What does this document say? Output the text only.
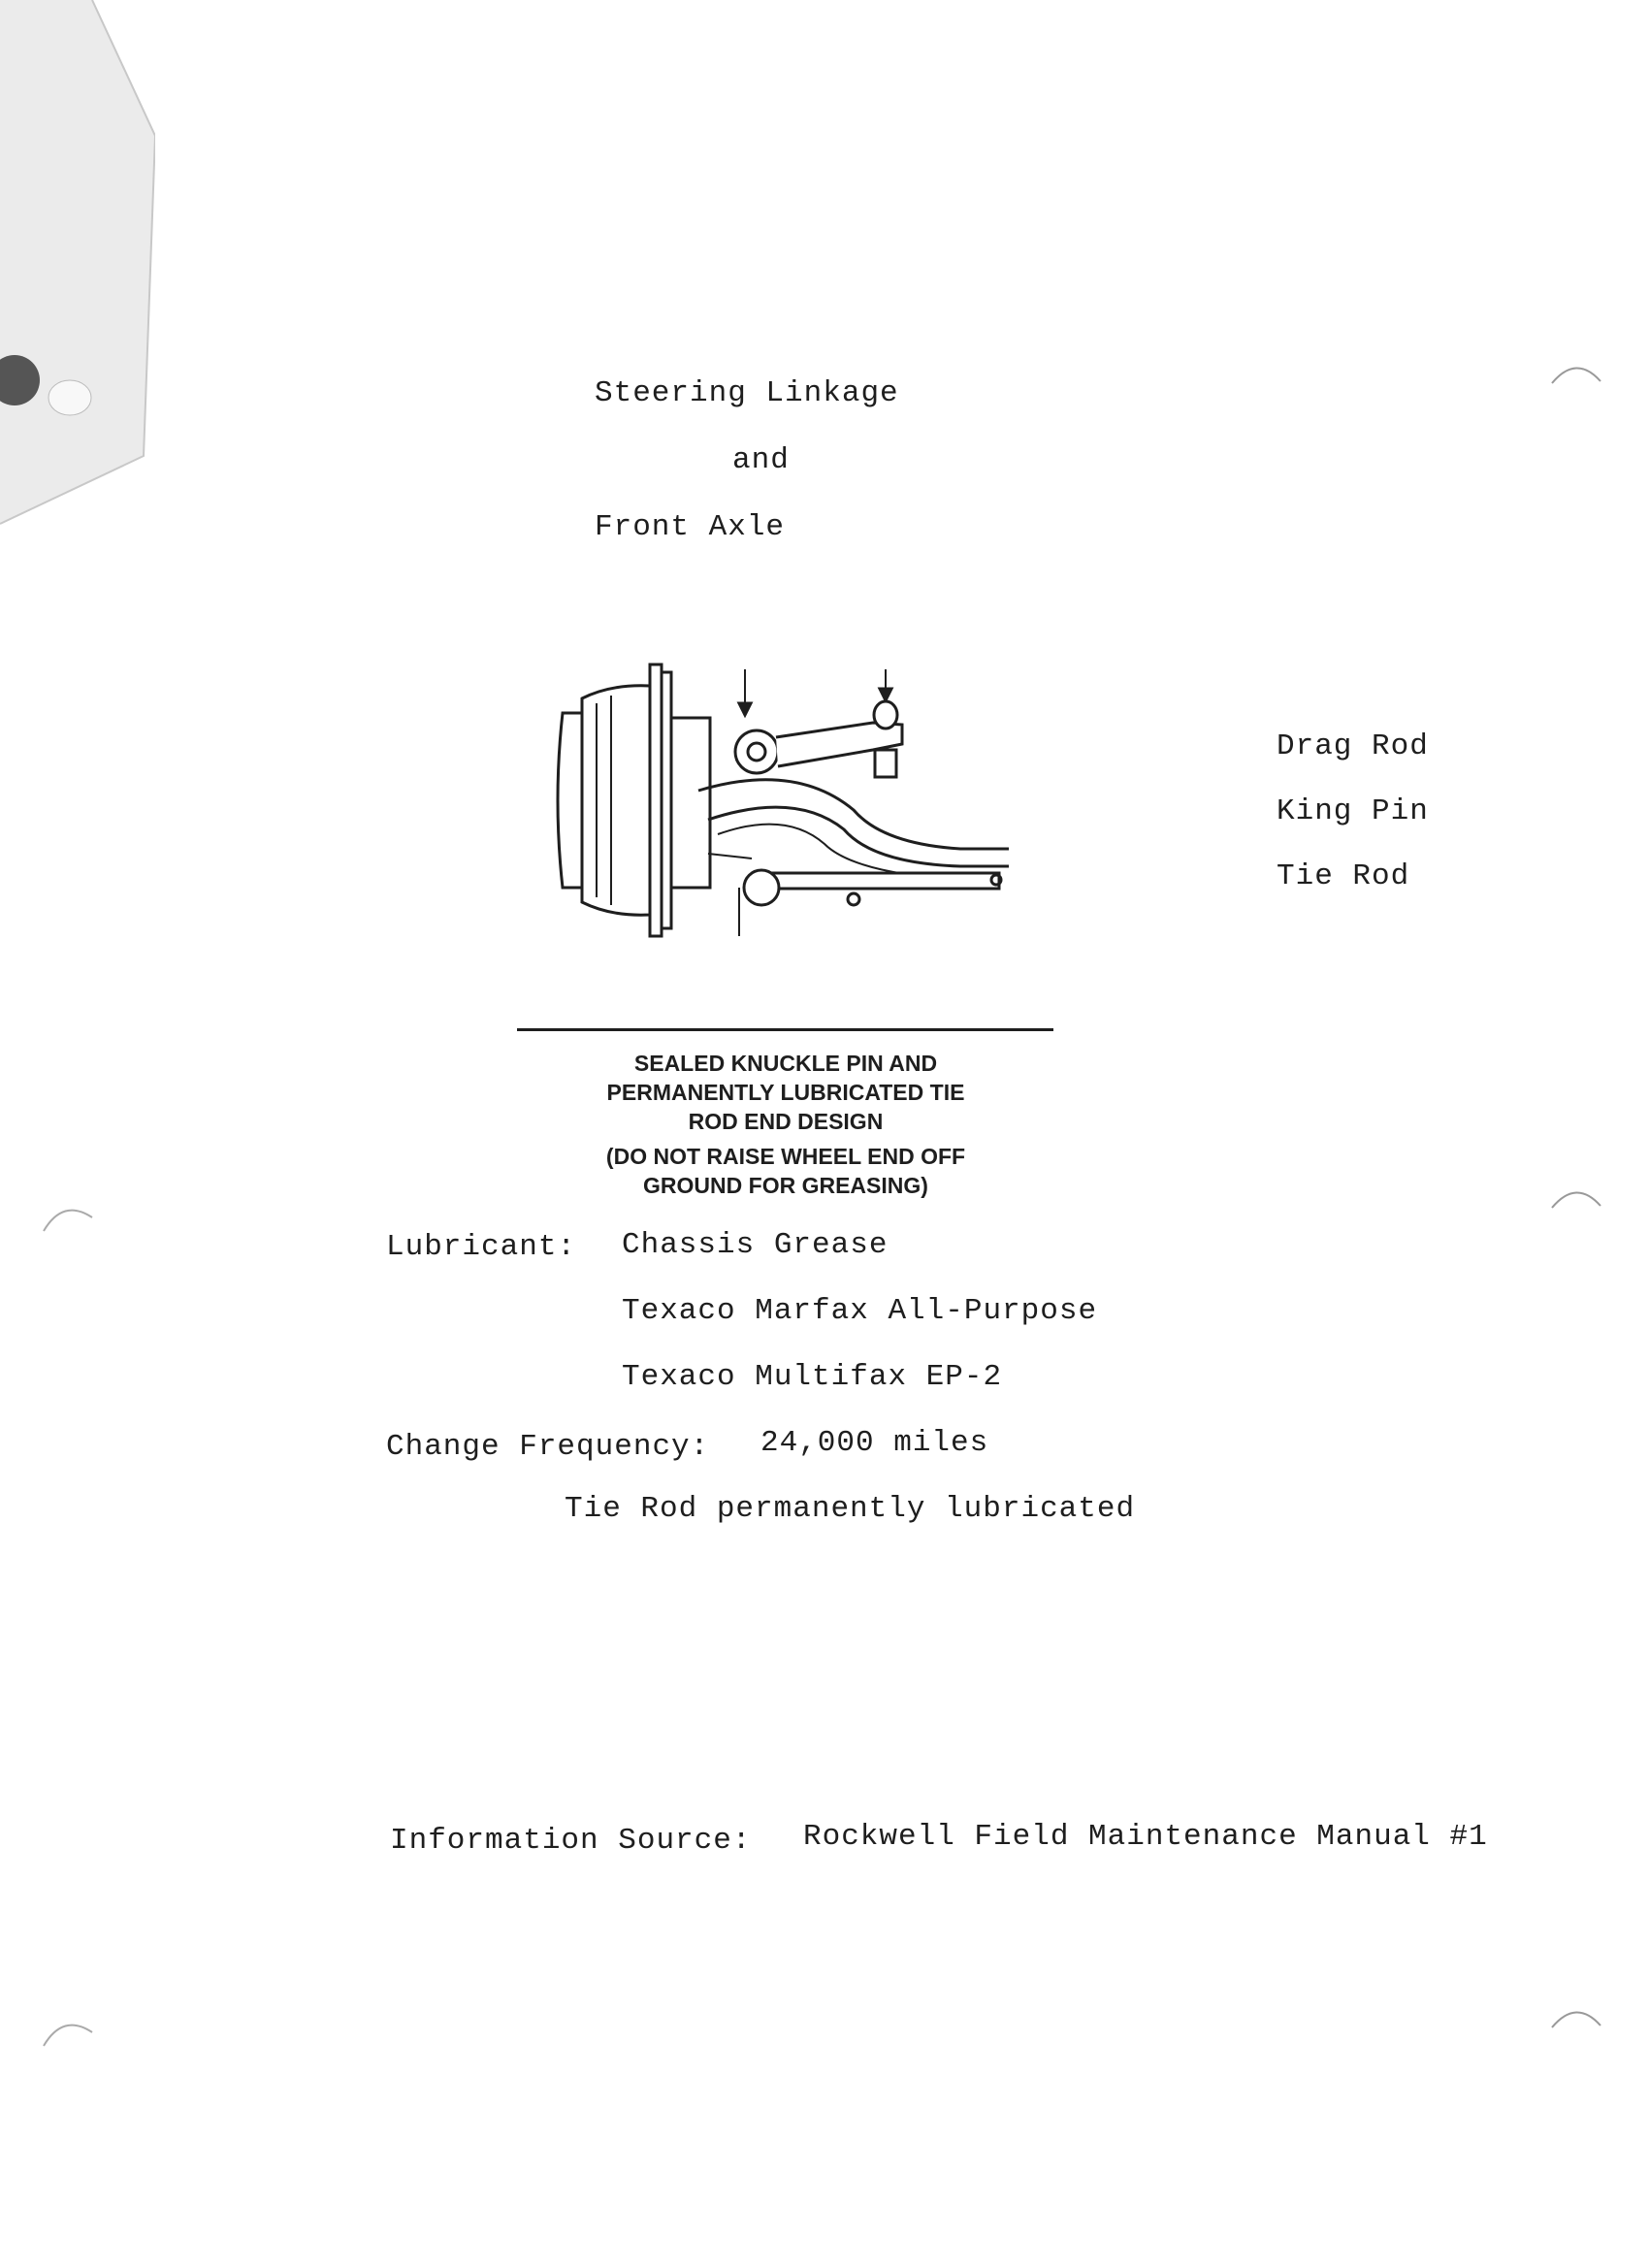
Steering Linkage
and
Front Axle
Drag Rod
King Pin
Tie Rod
SEALED KNUCKLE PIN AND
PERMANENTLY LUBRICATED TIE
ROD END DESIGN
(DO NOT RAISE WHEEL END OFF
GROUND FOR GREASING)
Lubricant: Chassis Grease
Texaco Marfax All-Purpose
Texaco Multifax EP-2
Change Frequency: 24,000 miles
Tie Rod permanently lubricated
Information Source: Rockwell Field Maintenance Manual #1
